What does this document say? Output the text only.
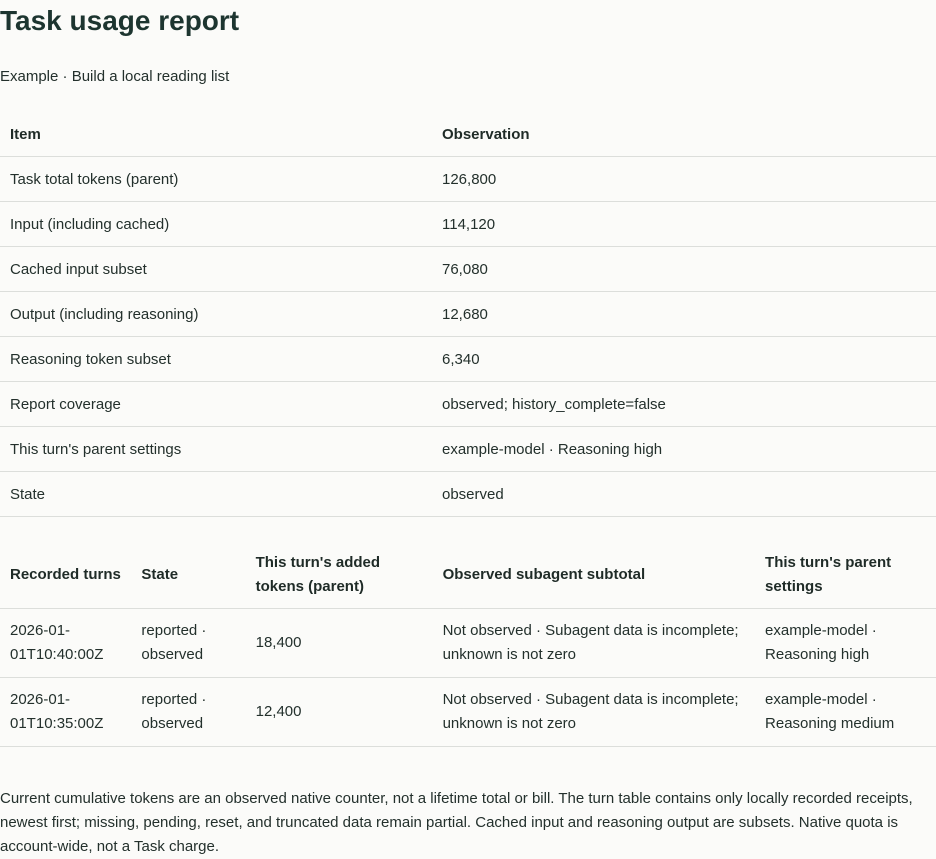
Task usage report
Example · Build a local reading list
Item	Observation
Task total tokens (parent)	126,800
Input (including cached)	114,120
Cached input subset	76,080
Output (including reasoning)	12,680
Reasoning token subset	6,340
Report coverage	observed; history_complete=false
This turn's parent settings	example-model · Reasoning high
State	observed
Recorded turns	State	This turn's added tokens (parent)	Observed subagent subtotal	This turn's parent settings
2026-01-01T10:40:00Z	reported · observed	18,400	Not observed · Subagent data is incomplete; unknown is not zero	example-model · Reasoning high
2026-01-01T10:35:00Z	reported · observed	12,400	Not observed · Subagent data is incomplete; unknown is not zero	example-model · Reasoning medium

Current cumulative tokens are an observed native counter, not a lifetime total or bill. The turn table contains only locally recorded receipts, newest first; missing, pending, reset, and truncated data remain partial. Cached input and reasoning output are subsets. Native quota is account-wide, not a Task charge.
